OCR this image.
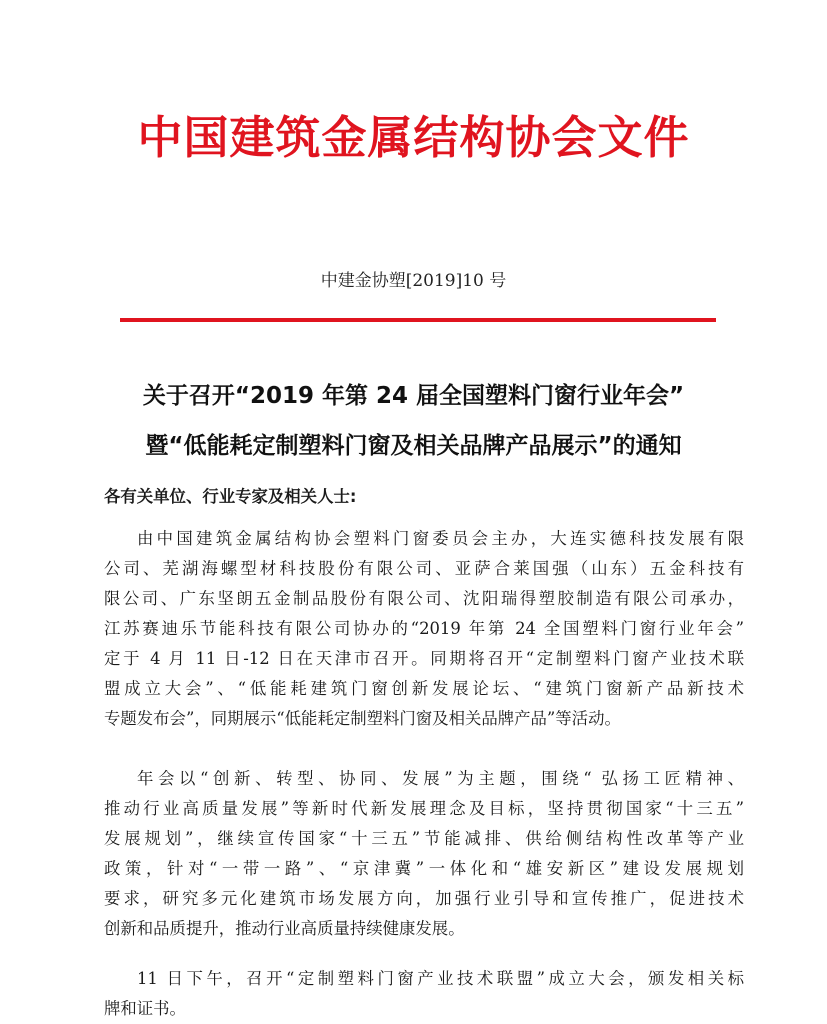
中国建筑金属结构协会文件
中建金协塑[2019]10 号
关于召开“2019 年第 24 届全国塑料门窗行业年会”
暨“低能耗定制塑料门窗及相关品牌产品展示”的通知
各有关单位、行业专家及相关人士:
由中国建筑金属结构协会塑料门窗委员会主办，大连实德科技发展有限
公司、芜湖海螺型材科技股份有限公司、亚萨合莱国强（山东）五金科技有
限公司、广东坚朗五金制品股份有限公司、沈阳瑞得塑胶制造有限公司承办，
江苏赛迪乐节能科技有限公司协办的“2019 年第 24 全国塑料门窗行业年会”
定于 4 月 11 日-12 日在天津市召开。同期将召开“定制塑料门窗产业技术联
盟成立大会”、“低能耗建筑门窗创新发展论坛、“建筑门窗新产品新技术
专题发布会”，同期展示“低能耗定制塑料门窗及相关品牌产品”等活动。
年会以“创新、转型、协同、发展”为主题，围绕“ 弘扬工匠精神、
推动行业高质量发展”等新时代新发展理念及目标，坚持贯彻国家“十三五”
发展规划”，继续宣传国家“十三五”节能减排、供给侧结构性改革等产业
政策，针对“一带一路”、“京津冀”一体化和“雄安新区”建设发展规划
要求，研究多元化建筑市场发展方向，加强行业引导和宣传推广，促进技术
创新和品质提升，推动行业高质量持续健康发展。
11 日下午，召开“定制塑料门窗产业技术联盟”成立大会，颁发相关标
牌和证书。
